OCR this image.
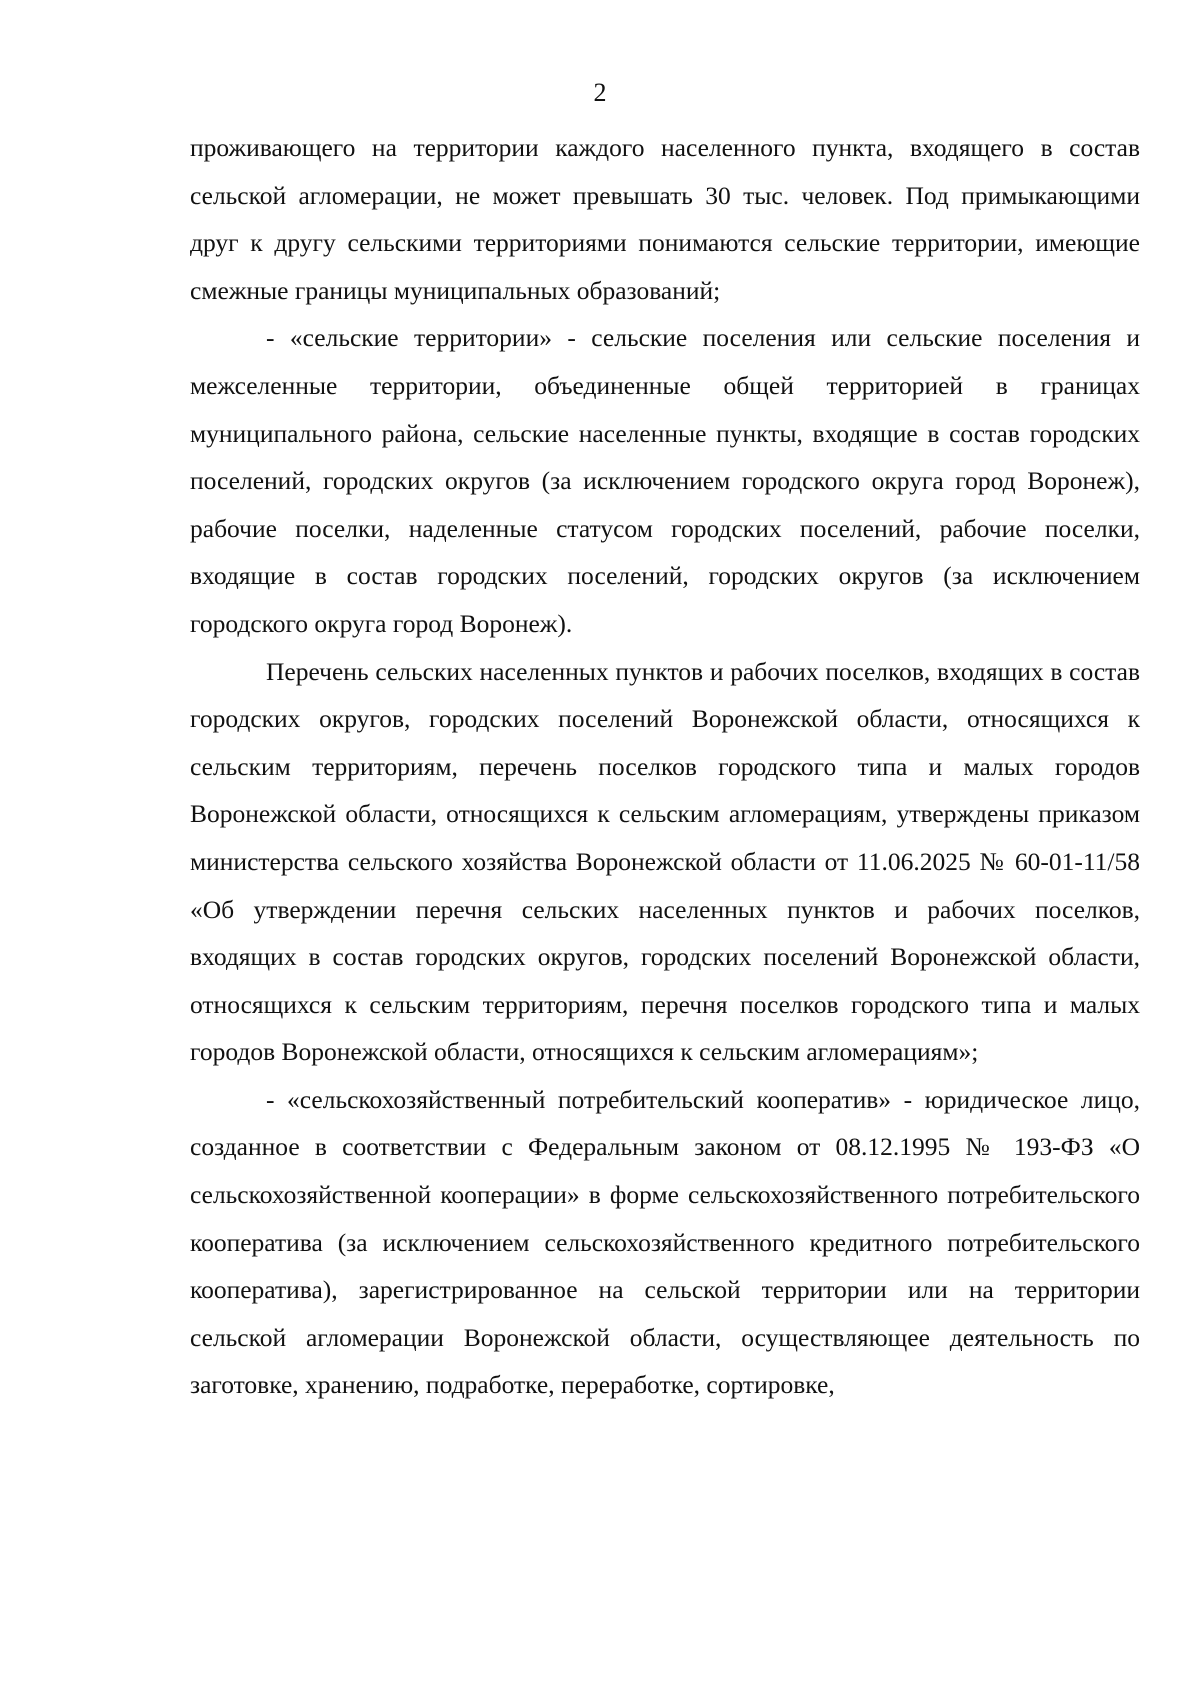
2

проживающего на территории каждого населенного пункта, входящего в состав сельской агломерации, не может превышать 30 тыс. человек. Под примыкающими друг к другу сельскими территориями понимаются сельские территории, имеющие смежные границы муниципальных образований;

- «сельские территории» - сельские поселения или сельские поселения и межселенные территории, объединенные общей территорией в границах муниципального района, сельские населенные пункты, входящие в состав городских поселений, городских округов (за исключением городского округа город Воронеж), рабочие поселки, наделенные статусом городских поселений, рабочие поселки, входящие в состав городских поселений, городских округов (за исключением городского округа город Воронеж).

Перечень сельских населенных пунктов и рабочих поселков, входящих в состав городских округов, городских поселений Воронежской области, относящихся к сельским территориям, перечень поселков городского типа и малых городов Воронежской области, относящихся к сельским агломерациям, утверждены приказом министерства сельского хозяйства Воронежской области от 11.06.2025 № 60-01-11/58 «Об утверждении перечня сельских населенных пунктов и рабочих поселков, входящих в состав городских округов, городских поселений Воронежской области, относящихся к сельским территориям, перечня поселков городского типа и малых городов Воронежской области, относящихся к сельским агломерациям»;

- «сельскохозяйственный потребительский кооператив» - юридическое лицо, созданное в соответствии с Федеральным законом от 08.12.1995 № 193-ФЗ «О сельскохозяйственной кооперации» в форме сельскохозяйственного потребительского кооператива (за исключением сельскохозяйственного кредитного потребительского кооператива), зарегистрированное на сельской территории или на территории сельской агломерации Воронежской области, осуществляющее деятельность по заготовке, хранению, подработке, переработке, сортировке,
